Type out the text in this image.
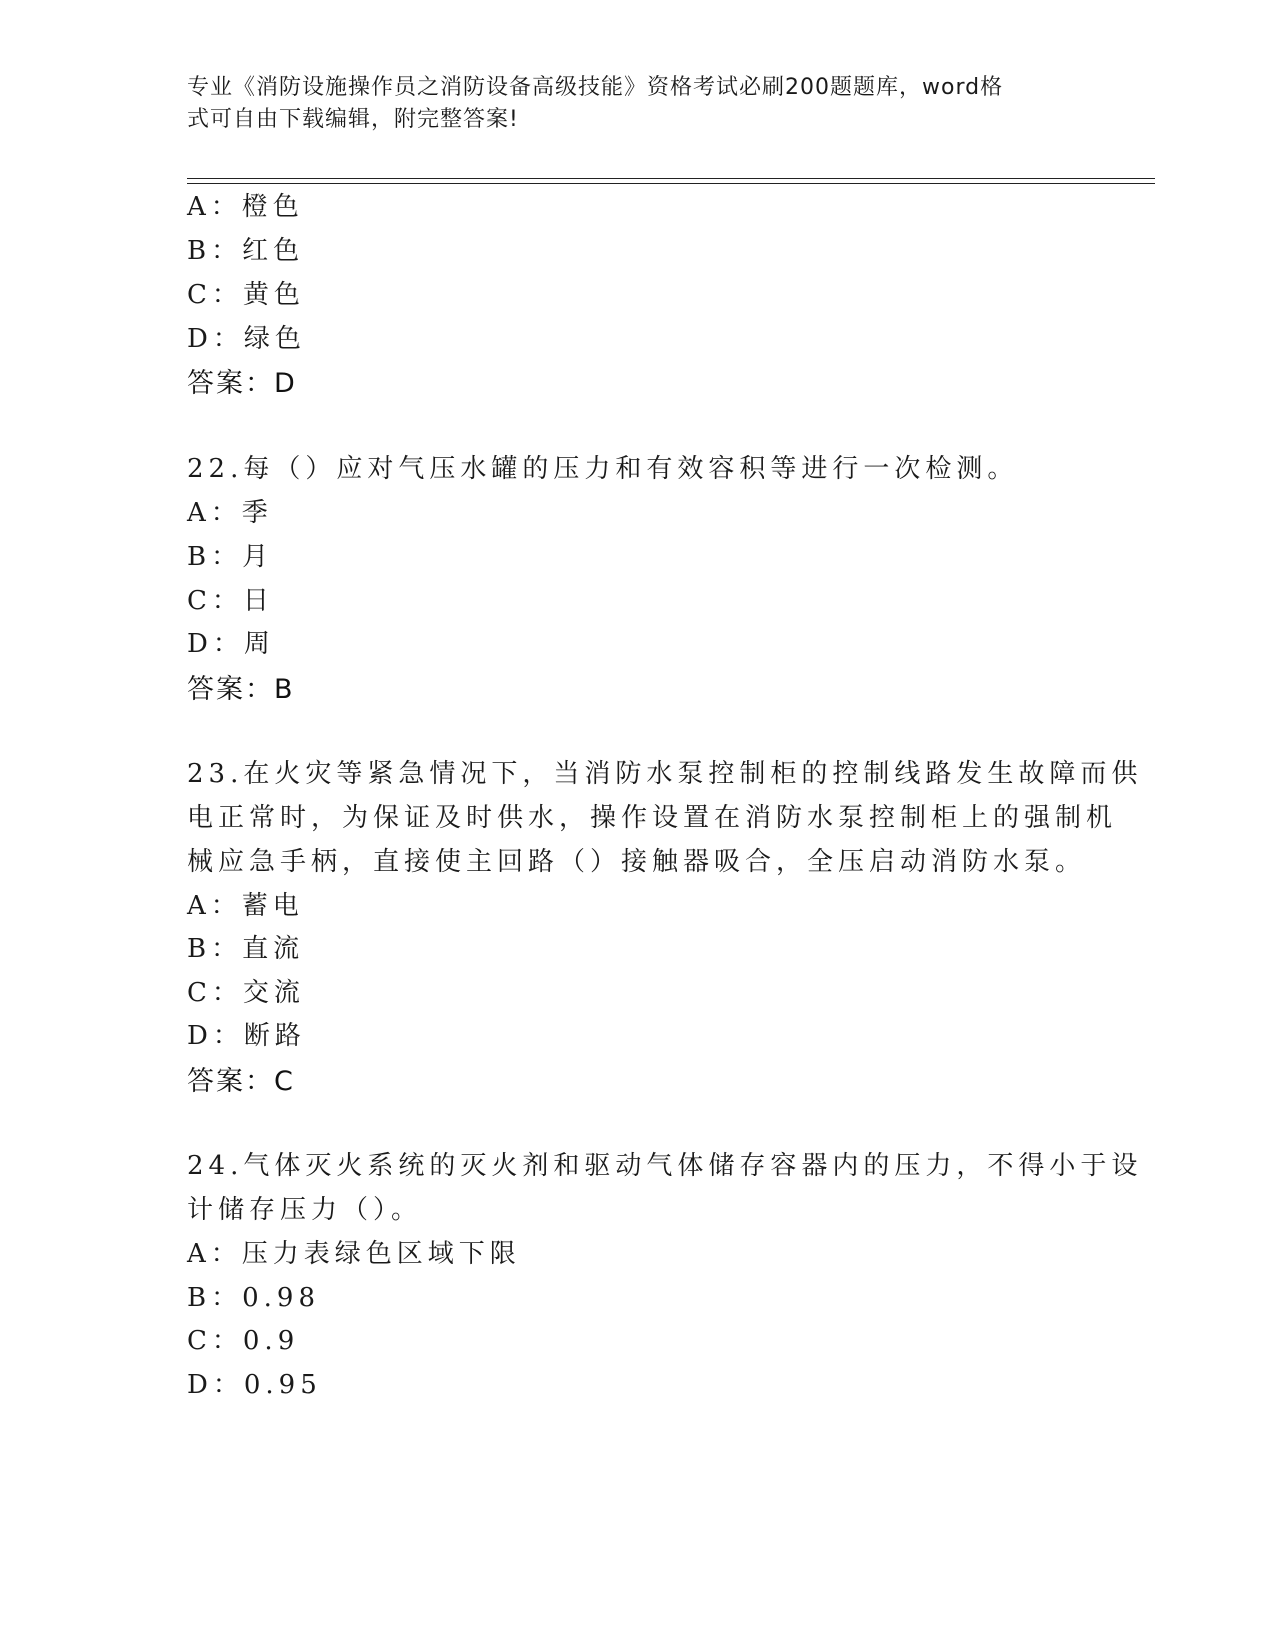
专业《消防设施操作员之消防设备高级技能》资格考试必刷200题题库，word格
式可自由下载编辑，附完整答案!
A：橙色
B：红色
C：黄色
D：绿色
答案：D
22.每（）应对气压水罐的压力和有效容积等进行一次检测。
A：季
B：月
C：日
D：周
答案：B
23.在火灾等紧急情况下，当消防水泵控制柜的控制线路发生故障而供
电正常时，为保证及时供水，操作设置在消防水泵控制柜上的强制机
械应急手柄，直接使主回路（）接触器吸合，全压启动消防水泵。
A：蓄电
B：直流
C：交流
D：断路
答案：C
24.气体灭火系统的灭火剂和驱动气体储存容器内的压力，不得小于设
计储存压力（）。
A：压力表绿色区域下限
B：0.98
C：0.9
D：0.95
